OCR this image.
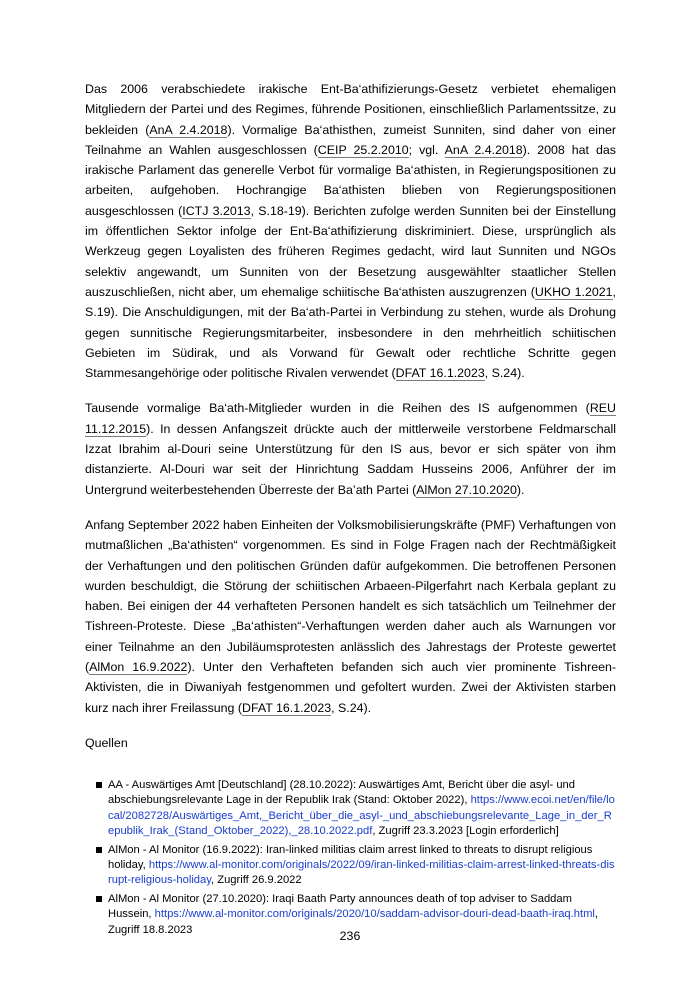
Das 2006 verabschiedete irakische Ent-Ba‘athifizierungs-Gesetz verbietet ehemaligen Mitgliedern der Partei und des Regimes, führende Positionen, einschließlich Parlamentssitze, zu bekleiden (AnA 2.4.2018). Vormalige Ba‘athisthen, zumeist Sunniten, sind daher von einer Teilnahme an Wahlen ausgeschlossen (CEIP 25.2.2010; vgl. AnA 2.4.2018). 2008 hat das irakische Parlament das generelle Verbot für vormalige Ba‘athisten, in Regierungspositionen zu arbeiten, aufgehoben. Hochrangige Ba‘athisten blieben von Regierungspositionen ausgeschlossen (ICTJ 3.2013, S.18-19). Berichten zufolge werden Sunniten bei der Einstellung im öffentlichen Sektor infolge der Ent-Ba‘athifizierung diskriminiert. Diese, ursprünglich als Werkzeug gegen Loyalisten des früheren Regimes gedacht, wird laut Sunniten und NGOs selektiv angewandt, um Sunniten von der Besetzung ausgewählter staatlicher Stellen auszuschließen, nicht aber, um ehemalige schiitische Ba‘athisten auszugrenzen (UKHO 1.2021, S.19). Die Anschuldigungen, mit der Ba‘ath-Partei in Verbindung zu stehen, wurde als Drohung gegen sunnitische Regierungsmitarbeiter, insbesondere in den mehrheitlich schiitischen Gebieten im Südirak, und als Vorwand für Gewalt oder rechtliche Schritte gegen Stammesangehörige oder politische Rivalen verwendet (DFAT 16.1.2023, S.24).

Tausende vormalige Ba‘ath-Mitglieder wurden in die Reihen des IS aufgenommen (REU 11.12.2015). In dessen Anfangszeit drückte auch der mittlerweile verstorbene Feldmarschall Izzat Ibrahim al-Douri seine Unterstützung für den IS aus, bevor er sich später von ihm distanzierte. Al-Douri war seit der Hinrichtung Saddam Husseins 2006, Anführer der im Untergrund weiterbestehenden Überreste der Ba’ath Partei (AlMon 27.10.2020).

Anfang September 2022 haben Einheiten der Volksmobilisierungskräfte (PMF) Verhaftungen von mutmaßlichen „Ba‘athisten“ vorgenommen. Es sind in Folge Fragen nach der Rechtmäßigkeit der Verhaftungen und den politischen Gründen dafür aufgekommen. Die betroffenen Personen wurden beschuldigt, die Störung der schiitischen Arbaeen-Pilgerfahrt nach Kerbala geplant zu haben. Bei einigen der 44 verhafteten Personen handelt es sich tatsächlich um Teilnehmer der Tishreen-Proteste. Diese „Ba‘athisten“-Verhaftungen werden daher auch als Warnungen vor einer Teilnahme an den Jubiläumsprotesten anlässlich des Jahrestags der Proteste gewertet (AlMon 16.9.2022). Unter den Verhafteten befanden sich auch vier prominente Tishreen-Aktivisten, die in Diwaniyah festgenommen und gefoltert wurden. Zwei der Aktivisten starben kurz nach ihrer Freilassung (DFAT 16.1.2023, S.24).

Quellen
AA - Auswärtiges Amt [Deutschland] (28.10.2022): Auswärtiges Amt, Bericht über die asyl- und abschiebungsrelevante Lage in der Republik Irak (Stand: Oktober 2022), https://www.ecoi.net/en/file/local/2082728/Auswärtiges_Amt,_Bericht_über_die_asyl-_und_abschiebungsrelevante_Lage_in_der_Republik_Irak_(Stand_Oktober_2022),_28.10.2022.pdf, Zugriff 23.3.2023 [Login erforderlich]
AlMon - Al Monitor (16.9.2022): Iran-linked militias claim arrest linked to threats to disrupt religious holiday, https://www.al-monitor.com/originals/2022/09/iran-linked-militias-claim-arrest-linked-threats-disrupt-religious-holiday, Zugriff 26.9.2022
AlMon - Al Monitor (27.10.2020): Iraqi Baath Party announces death of top adviser to Saddam Hussein, https://www.al-monitor.com/originals/2020/10/saddam-advisor-douri-dead-baath-iraq.html, Zugriff 18.8.2023	236
